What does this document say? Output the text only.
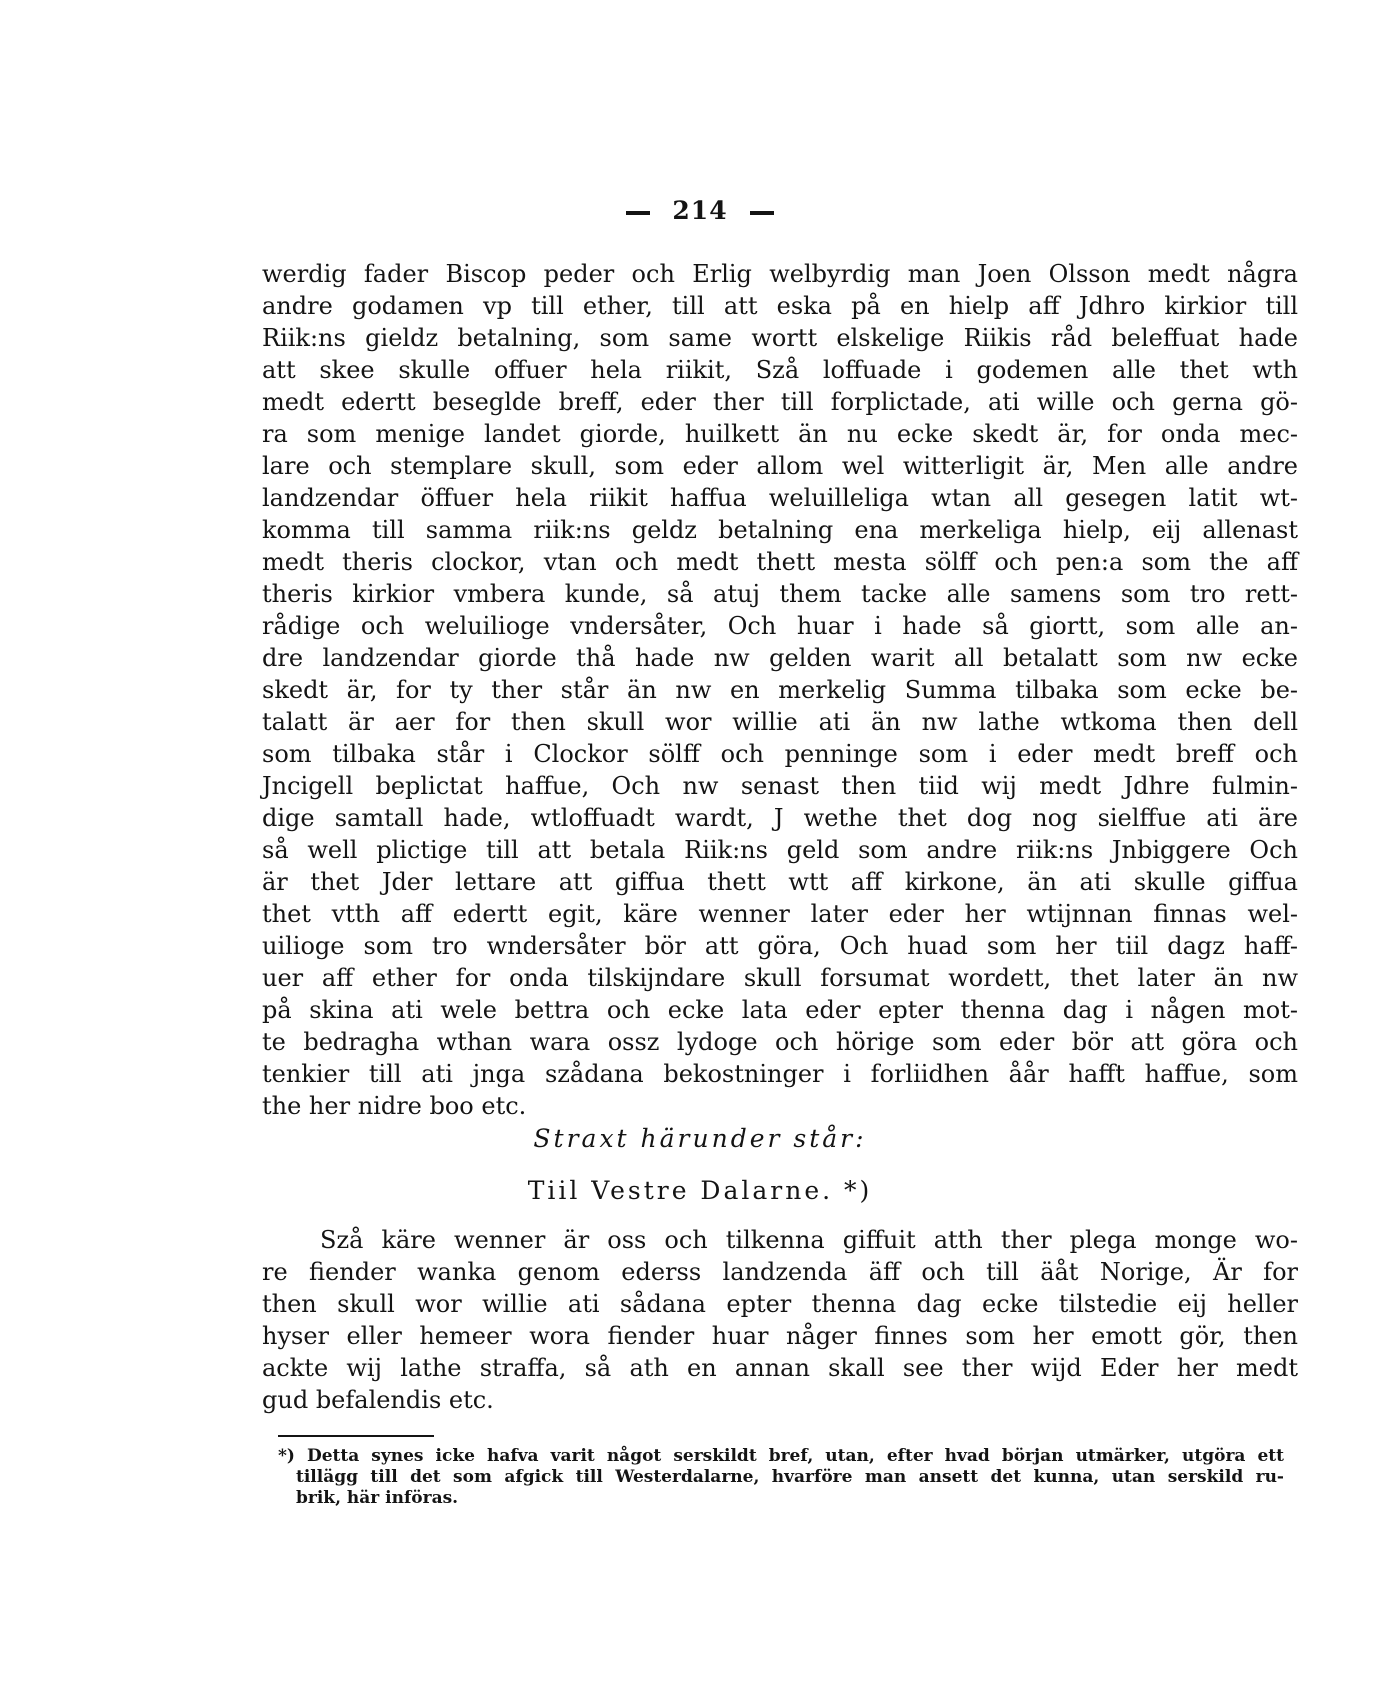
214
werdig fader Biscop peder och Erlig welbyrdig man Joen Olsson medt några
andre godamen vp till ether, till att eska på en hielp aff Jdhro kirkior till
Riik:ns gieldz betalning, som same wortt elskelige Riikis råd beleffuat hade
att skee skulle offuer hela riikit, Szå loffuade i godemen alle thet wth
medt edertt beseglde breff, eder ther till forplictade, ati wille och gerna gö-
ra som menige landet giorde, huilkett än nu ecke skedt är, for onda mec-
lare och stemplare skull, som eder allom wel witterligit är, Men alle andre
landzendar öffuer hela riikit haffua weluilleliga wtan all gesegen latit wt-
komma till samma riik:ns geldz betalning ena merkeliga hielp, eij allenast
medt theris clockor, vtan och medt thett mesta sölff och pen:a som the aff
theris kirkior vmbera kunde, så atuj them tacke alle samens som tro rett-
rådige och weluilioge vndersåter, Och huar i hade så giortt, som alle an-
dre landzendar giorde thå hade nw gelden warit all betalatt som nw ecke
skedt är, for ty ther står än nw en merkelig Summa tilbaka som ecke be-
talatt är aer for then skull wor willie ati än nw lathe wtkoma then dell
som tilbaka står i Clockor sölff och penninge som i eder medt breff och
Jncigell beplictat haffue, Och nw senast then tiid wij medt Jdhre fulmin-
dige samtall hade, wtloffuadt wardt, J wethe thet dog nog sielffue ati äre
så well plictige till att betala Riik:ns geld som andre riik:ns Jnbiggere Och
är thet Jder lettare att giffua thett wtt aff kirkone, än ati skulle giffua
thet vtth aff edertt egit, käre wenner later eder her wtijnnan finnas wel-
uilioge som tro wndersåter bör att göra, Och huad som her tiil dagz haff-
uer aff ether for onda tilskijndare skull forsumat wordett, thet later än nw
på skina ati wele bettra och ecke lata eder epter thenna dag i någen mot-
te bedragha wthan wara ossz lydoge och hörige som eder bör att göra och
tenkier till ati jnga szådana bekostninger i forliidhen åår hafft haffue, som
the her nidre boo etc.
Straxt härunder står:
Tiil Vestre Dalarne. *)
Szå käre wenner är oss och tilkenna giffuit atth ther plega monge wo-
re fiender wanka genom ederss landzenda äff och till äåt Norige, Är for
then skull wor willie ati sådana epter thenna dag ecke tilstedie eij heller
hyser eller hemeer wora fiender huar någer finnes som her emott gör, then
ackte wij lathe straffa, så ath en annan skall see ther wijd Eder her medt
gud befalendis etc.
*) Detta synes icke hafva varit något serskildt bref, utan, efter hvad början utmärker, utgöra ett
tillägg till det som afgick till Westerdalarne, hvarföre man ansett det kunna, utan serskild ru-
brik, här införas.
